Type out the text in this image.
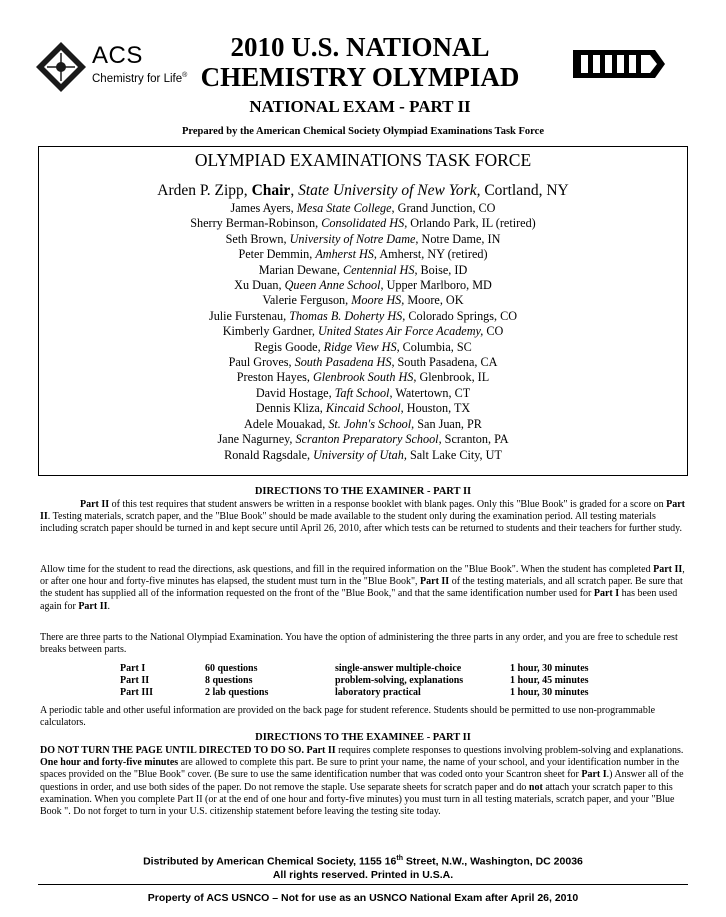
ACS
Chemistry for Life®
2010 U.S. NATIONAL
CHEMISTRY OLYMPIAD
NATIONAL EXAM - PART II
Prepared by the American Chemical Society Olympiad Examinations Task Force
OLYMPIAD EXAMINATIONS TASK FORCE
Arden P. Zipp, Chair, State University of New York, Cortland, NY
James Ayers, Mesa State College, Grand Junction, CO
Sherry Berman-Robinson, Consolidated HS, Orlando Park, IL (retired)
Seth Brown, University of Notre Dame, Notre Dame, IN
Peter Demmin, Amherst HS, Amherst, NY (retired)
Marian Dewane, Centennial HS, Boise, ID
Xu Duan, Queen Anne School, Upper Marlboro, MD
Valerie Ferguson, Moore HS, Moore, OK
Julie Furstenau, Thomas B. Doherty HS, Colorado Springs, CO
Kimberly Gardner, United States Air Force Academy, CO
Regis Goode, Ridge View HS, Columbia, SC
Paul Groves, South Pasadena HS, South Pasadena, CA
Preston Hayes, Glenbrook South HS, Glenbrook, IL
David Hostage, Taft School, Watertown, CT
Dennis Kliza, Kincaid School, Houston, TX
Adele Mouakad, St. John's School, San Juan, PR
Jane Nagurney, Scranton Preparatory School, Scranton, PA
Ronald Ragsdale, University of Utah, Salt Lake City, UT
DIRECTIONS TO THE EXAMINER - PART II
Part II of this test requires that student answers be written in a response booklet with blank pages. Only this "Blue Book" is graded for a score on Part II. Testing materials, scratch paper, and the "Blue Book" should be made available to the student only during the examination period. All testing materials including scratch paper should be turned in and kept secure until April 26, 2010, after which tests can be returned to students and their teachers for further study.
Allow time for the student to read the directions, ask questions, and fill in the required information on the "Blue Book". When the student has completed Part II, or after one hour and forty-five minutes has elapsed, the student must turn in the "Blue Book", Part II of the testing materials, and all scratch paper. Be sure that the student has supplied all of the information requested on the front of the "Blue Book," and that the same identification number used for Part I has been used again for Part II.
There are three parts to the National Olympiad Examination. You have the option of administering the three parts in any order, and you are free to schedule rest breaks between parts.
Part I	60 questions	single-answer multiple-choice	1 hour, 30 minutes
Part II	8 questions	problem-solving, explanations	1 hour, 45 minutes
Part III	2 lab questions	laboratory practical	1 hour, 30 minutes
A periodic table and other useful information are provided on the back page for student reference. Students should be permitted to use non-programmable calculators.
DIRECTIONS TO THE EXAMINEE - PART II
DO NOT TURN THE PAGE UNTIL DIRECTED TO DO SO. Part II requires complete responses to questions involving problem-solving and explanations. One hour and forty-five minutes are allowed to complete this part. Be sure to print your name, the name of your school, and your identification number in the spaces provided on the "Blue Book" cover. (Be sure to use the same identification number that was coded onto your Scantron sheet for Part I.) Answer all of the questions in order, and use both sides of the paper. Do not remove the staple. Use separate sheets for scratch paper and do not attach your scratch paper to this examination. When you complete Part II (or at the end of one hour and forty-five minutes) you must turn in all testing materials, scratch paper, and your "Blue Book ". Do not forget to turn in your U.S. citizenship statement before leaving the testing site today.
Distributed by American Chemical Society, 1155 16th Street, N.W., Washington, DC 20036
All rights reserved. Printed in U.S.A.
Property of ACS USNCO – Not for use as an USNCO National Exam after April 26, 2010
